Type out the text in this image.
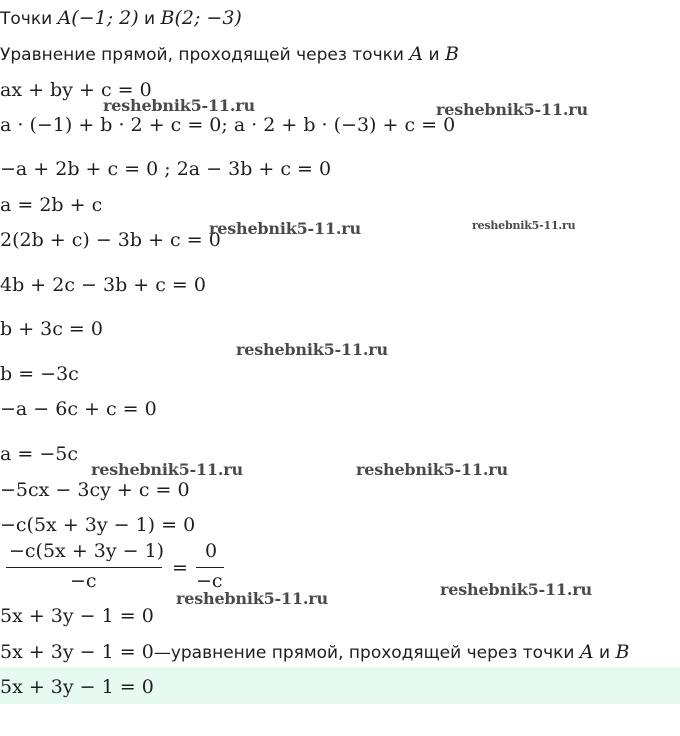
Точки A(−1; 2) и B(2; −3)
Уравнение прямой, проходящей через точки A и B
ax + by + c = 0
a · (−1) + b · 2 + c = 0; a · 2 + b · (−3) + c = 0
−a + 2b + c = 0 ; 2a − 3b + c = 0
a = 2b + c
2(2b + c) − 3b + c = 0
4b + 2c − 3b + c = 0
b + 3c = 0
b = −3c
−a − 6c + c = 0
a = −5c
−5cx − 3cy + c = 0
−c(5x + 3y − 1) = 0
−c(5x + 3y − 1)
−c
=
0
−c
5x + 3y − 1 = 0
5x + 3y − 1 = 0—уравнение прямой, проходящей через точки A и B
5x + 3y − 1 = 0
reshebnik5-11.ru	reshebnik5-11.ru
reshebnik5-11.ru	reshebnik5-11.ru
reshebnik5-11.ru
reshebnik5-11.ru	reshebnik5-11.ru
reshebnik5-11.ru
reshebnik5-11.ru
